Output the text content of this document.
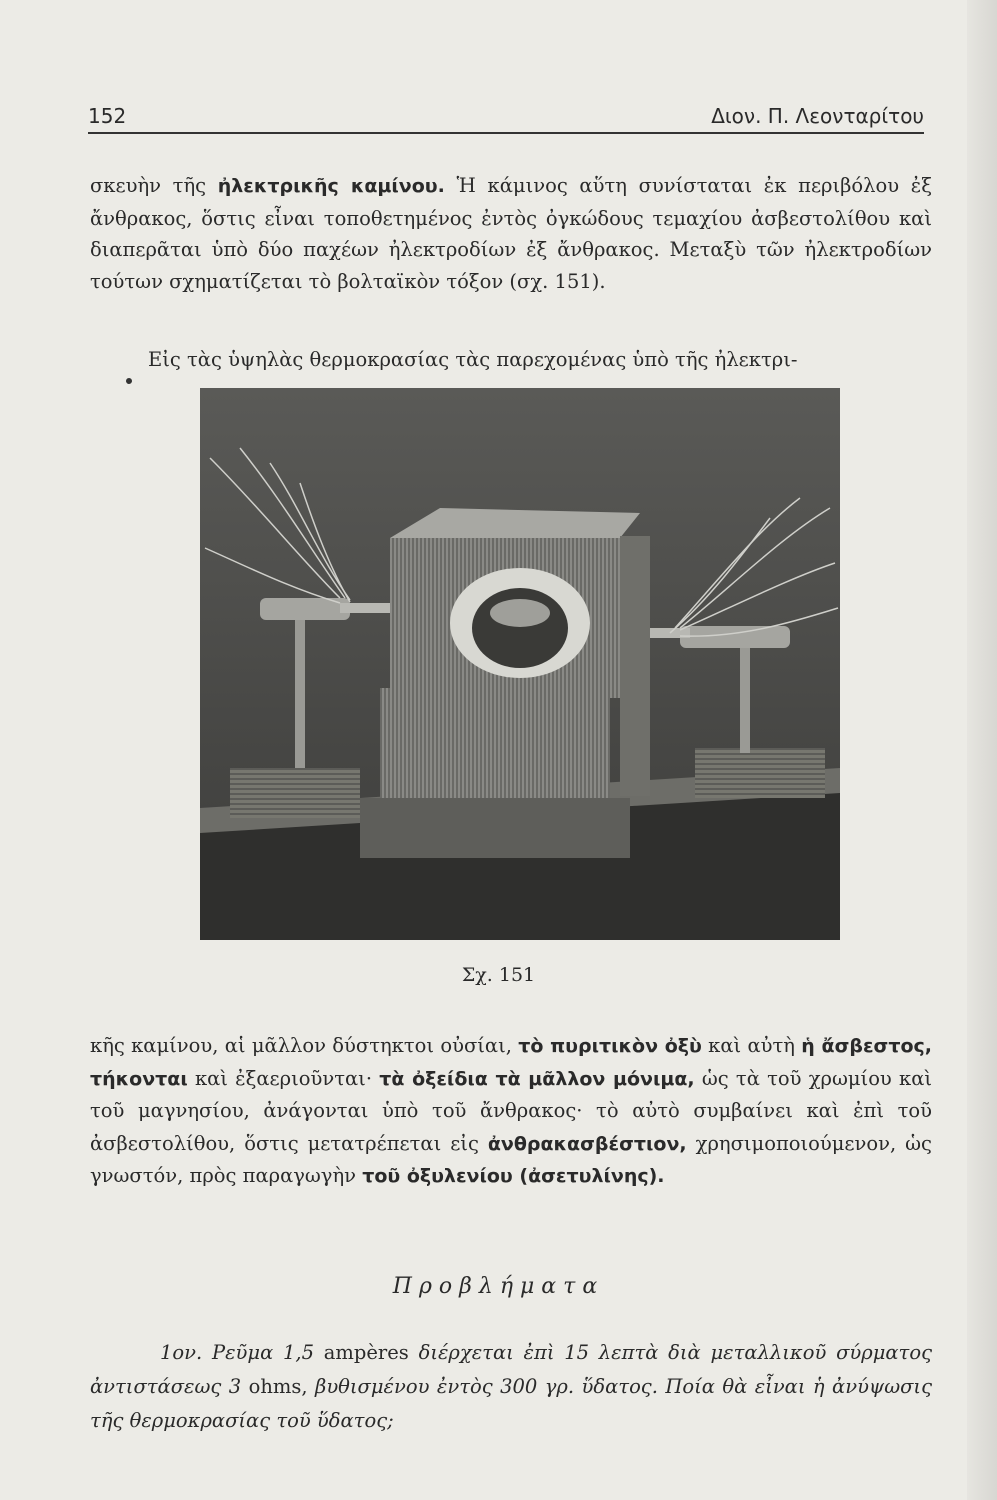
152	Διον. Π. Λεονταρίτου

σκευὴν τῆς ἠλεκτρικῆς καμίνου. Ἡ κάμινος αὕτη συνίσταται ἐκ περιβόλου ἐξ ἄνθρακος, ὅστις εἶναι τοποθετημένος ἐντὸς ὀγκώδους τεμαχίου ἀσβεστολίθου καὶ διαπερᾶται ὑπὸ δύο παχέων ἠλεκτροδίων ἐξ ἄνθρακος. Μεταξὺ τῶν ἠλεκτροδίων τούτων σχηματίζεται τὸ βολταϊκὸν τόξον (σχ. 151).

Εἰς τὰς ὑψηλὰς θερμοκρασίας τὰς παρεχομένας ὑπὸ τῆς ἠλεκτρι-

Σχ. 151

κῆς καμίνου, αἱ μᾶλλον δύστηκτοι οὐσίαι, τὸ πυριτικὸν ὀξὺ καὶ αὐτὴ ἡ ἄσβεστος, τήκονται καὶ ἐξαεριοῦνται· τὰ ὀξείδια τὰ μᾶλλον μόνιμα, ὡς τὰ τοῦ χρωμίου καὶ τοῦ μαγνησίου, ἀνάγονται ὑπὸ τοῦ ἄνθρακος· τὸ αὐτὸ συμβαίνει καὶ ἐπὶ τοῦ ἀσβεστολίθου, ὅστις μετατρέπεται εἰς ἀνθρακασβέστιον, χρησιμοποιούμενον, ὡς γνωστόν, πρὸς παραγωγὴν τοῦ ὀξυλενίου (ἀσετυλίνης).

Προβλήματα

1ον. Ρεῦμα 1,5 ampères διέρχεται ἐπὶ 15 λεπτὰ διὰ μεταλλικοῦ σύρματος ἀντιστάσεως 3 ohms, βυθισμένου ἐντὸς 300 γρ. ὕδατος. Ποία θὰ εἶναι ἡ ἀνύψωσις τῆς θερμοκρασίας τοῦ ὕδατος;
